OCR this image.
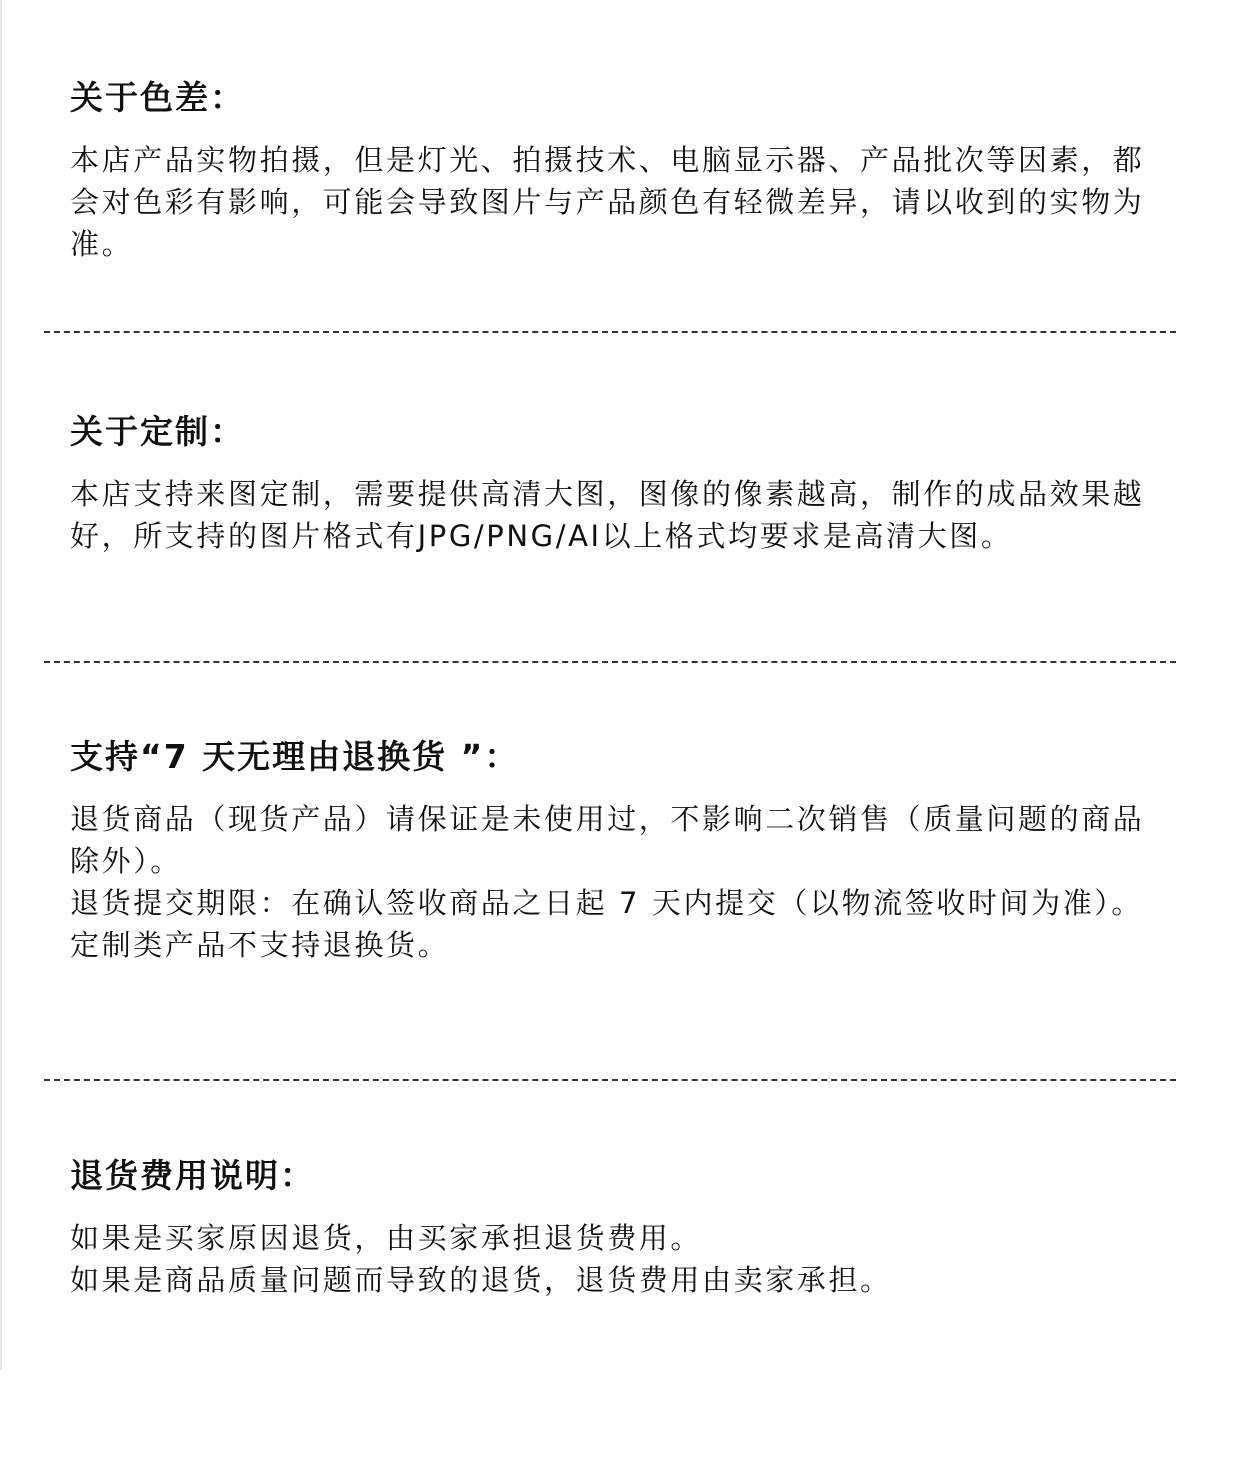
关于色差：

本店产品实物拍摄，但是灯光、拍摄技术、电脑显示器、产品批次等因素，都会对色彩有影响，可能会导致图片与产品颜色有轻微差异，请以收到的实物为准。

关于定制：

本店支持来图定制，需要提供高清大图，图像的像素越高，制作的成品效果越好，所支持的图片格式有JPG/PNG/AI以上格式均要求是高清大图。

支持“7 天无理由退换货 ”：
退货商品（现货产品）请保证是未使用过，不影响二次销售（质量问题的商品除外）。
退货提交期限：在确认签收商品之日起 7 天内提交（以物流签收时间为准）。
定制类产品不支持退换货。
退货费用说明：
如果是买家原因退货，由买家承担退货费用。
如果是商品质量问题而导致的退货，退货费用由卖家承担。
